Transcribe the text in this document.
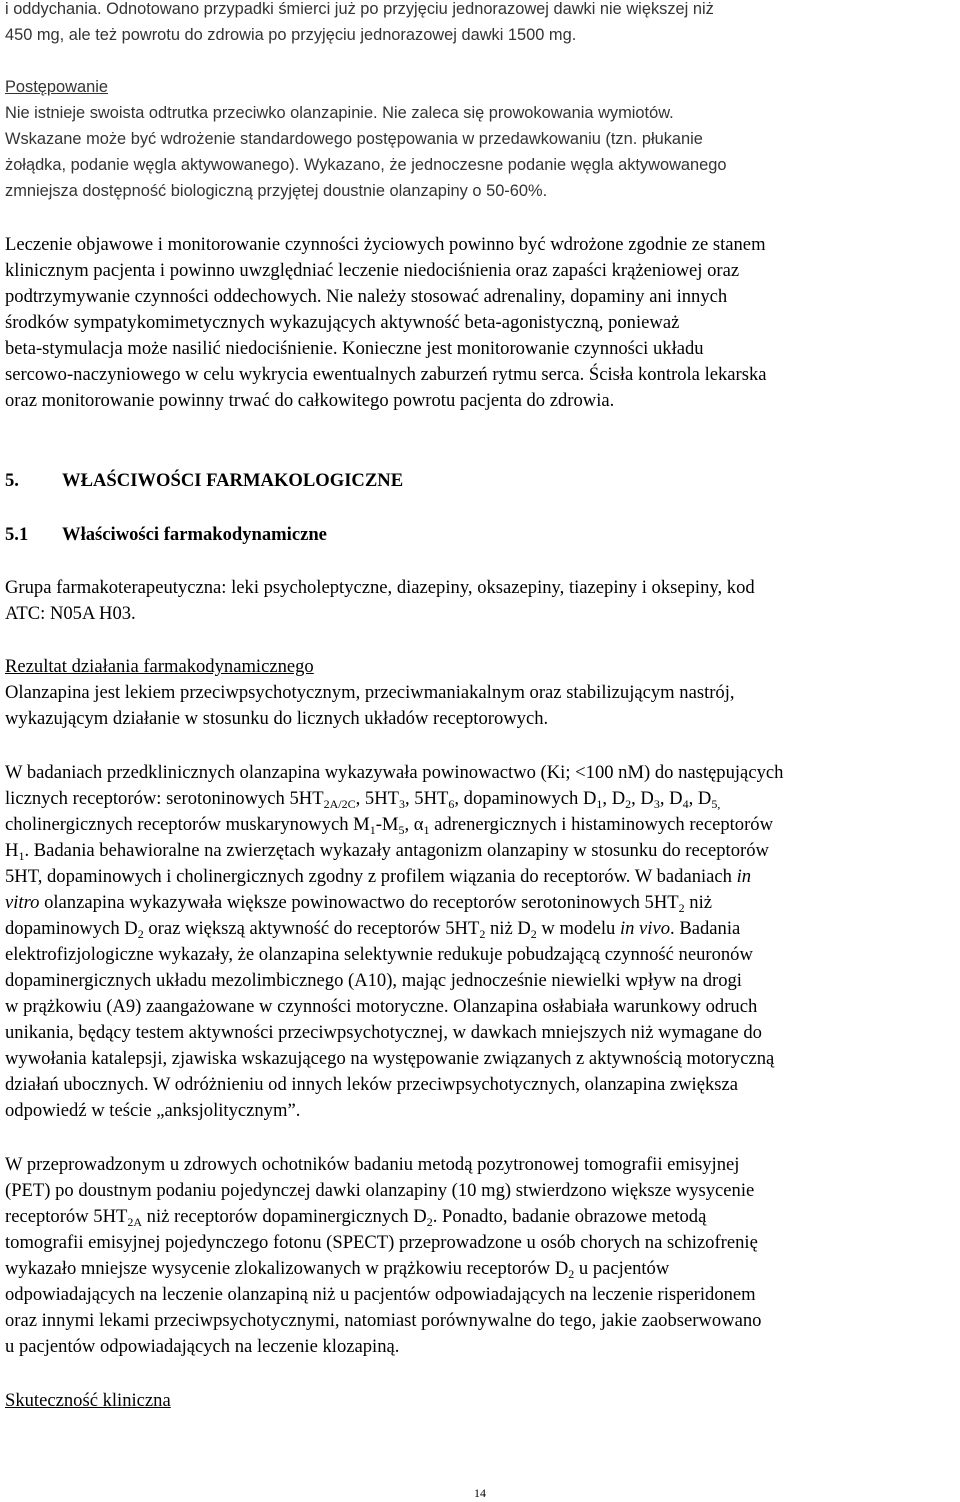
i oddychania. Odnotowano przypadki śmierci już po przyjęciu jednorazowej dawki nie większej niż
450 mg, ale też powrotu do zdrowia po przyjęciu jednorazowej dawki 1500 mg.
Postępowanie
Nie istnieje swoista odtrutka przeciwko olanzapinie. Nie zaleca się prowokowania wymiotów.
Wskazane może być wdrożenie standardowego postępowania w przedawkowaniu (tzn. płukanie
żołądka, podanie węgla aktywowanego). Wykazano, że jednoczesne podanie węgla aktywowanego
zmniejsza dostępność biologiczną przyjętej doustnie olanzapiny o 50-60%.
Leczenie objawowe i monitorowanie czynności życiowych powinno być wdrożone zgodnie ze stanem
klinicznym pacjenta i powinno uwzględniać leczenie niedociśnienia oraz zapaści krążeniowej oraz
podtrzymywanie czynności oddechowych. Nie należy stosować adrenaliny, dopaminy ani innych
środków sympatykomimetycznych wykazujących aktywność beta-agonistyczną, ponieważ
beta-stymulacja może nasilić niedociśnienie. Konieczne jest monitorowanie czynności układu
sercowo-naczyniowego w celu wykrycia ewentualnych zaburzeń rytmu serca. Ścisła kontrola lekarska
oraz monitorowanie powinny trwać do całkowitego powrotu pacjenta do zdrowia.
5. WŁAŚCIWOŚCI FARMAKOLOGICZNE
5.1 Właściwości farmakodynamiczne
Grupa farmakoterapeutyczna: leki psycholeptyczne, diazepiny, oksazepiny, tiazepiny i oksepiny, kod
ATC: N05A H03.
Rezultat działania farmakodynamicznego
Olanzapina jest lekiem przeciwpsychotycznym, przeciwmaniakalnym oraz stabilizującym nastrój,
wykazującym działanie w stosunku do licznych układów receptorowych.
W badaniach przedklinicznych olanzapina wykazywała powinowactwo (Ki; <100 nM) do następujących
licznych receptorów: serotoninowych $5HT_{2A/2C}$, $5HT_3$, $5HT_6$, dopaminowych $D_1$, $D_2$, $D_3$, $D_4$, $D_{5,}$
cholinergicznych receptorów muskarynowych $M_1-M_5$, $\alpha_1$ adrenergicznych i histaminowych receptorów
$H_1$. Badania behawioralne na zwierzętach wykazały antagonizm olanzapiny w stosunku do receptorów
5HT, dopaminowych i cholinergicznych zgodny z profilem wiązania do receptorów. W badaniach in
vitro olanzapina wykazywała większe powinowactwo do receptorów serotoninowych $5HT_2$ niż
dopaminowych $D_2$ oraz większą aktywność do receptorów $5HT_2$ niż $D_2$ w modelu in vivo. Badania
elektrofizjologiczne wykazały, że olanzapina selektywnie redukuje pobudzającą czynność neuronów
dopaminergicznych układu mezolimbicznego (A10), mając jednocześnie niewielki wpływ na drogi
w prążkowiu (A9) zaangażowane w czynności motoryczne. Olanzapina osłabiała warunkowy odruch
unikania, będący testem aktywności przeciwpsychotycznej, w dawkach mniejszych niż wymagane do
wywołania katalepsji, zjawiska wskazującego na występowanie związanych z aktywnością motoryczną
działań ubocznych. W odróżnieniu od innych leków przeciwpsychotycznych, olanzapina zwiększa
odpowiedź w teście „anksjolitycznym”.
W przeprowadzonym u zdrowych ochotników badaniu metodą pozytronowej tomografii emisyjnej
(PET) po doustnym podaniu pojedynczej dawki olanzapiny (10 mg) stwierdzono większe wysycenie
receptorów $5HT_{2A}$ niż receptorów dopaminergicznych $D_2$. Ponadto, badanie obrazowe metodą
tomografii emisyjnej pojedynczego fotonu (SPECT) przeprowadzone u osób chorych na schizofrenię
wykazało mniejsze wysycenie zlokalizowanych w prążkowiu receptorów $D_2$ u pacjentów
odpowiadających na leczenie olanzapiną niż u pacjentów odpowiadających na leczenie risperidonem
oraz innymi lekami przeciwpsychotycznymi, natomiast porównywalne do tego, jakie zaobserwowano
u pacjentów odpowiadających na leczenie klozapiną.
Skuteczność kliniczna
14
